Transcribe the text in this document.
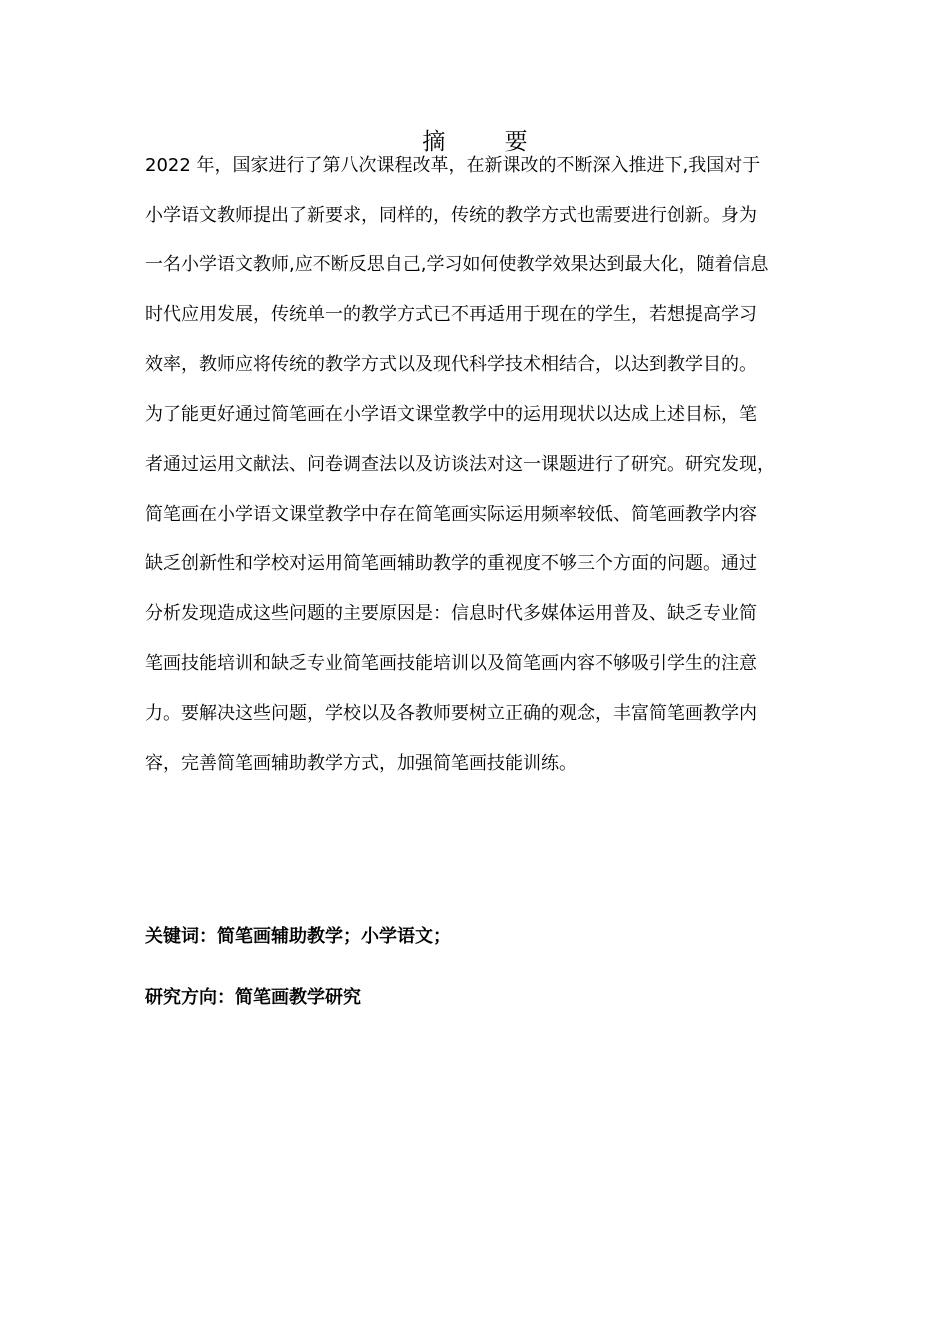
摘 要
2022 年，国家进行了第八次课程改革，在新课改的不断深入推进下,我国对于
小学语文教师提出了新要求，同样的，传统的教学方式也需要进行创新。身为
一名小学语文教师,应不断反思自己,学习如何使教学效果达到最大化，随着信息
时代应用发展，传统单一的教学方式已不再适用于现在的学生，若想提高学习
效率，教师应将传统的教学方式以及现代科学技术相结合，以达到教学目的。
为了能更好通过简笔画在小学语文课堂教学中的运用现状以达成上述目标，笔
者通过运用文献法、问卷调查法以及访谈法对这一课题进行了研究。研究发现，
简笔画在小学语文课堂教学中存在简笔画实际运用频率较低、简笔画教学内容
缺乏创新性和学校对运用简笔画辅助教学的重视度不够三个方面的问题。通过
分析发现造成这些问题的主要原因是：信息时代多媒体运用普及、缺乏专业简
笔画技能培训和缺乏专业简笔画技能培训以及简笔画内容不够吸引学生的注意
力。要解决这些问题，学校以及各教师要树立正确的观念，丰富简笔画教学内
容，完善简笔画辅助教学方式，加强简笔画技能训练。
关键词：简笔画辅助教学；小学语文；
研究方向：简笔画教学研究
